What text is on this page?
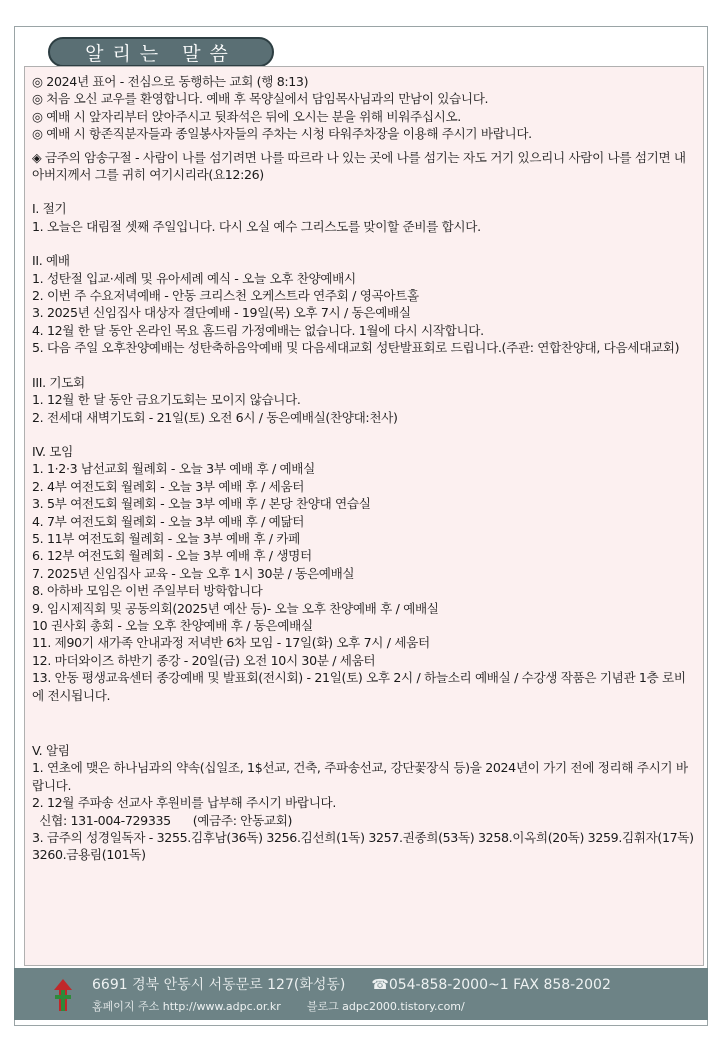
알리는 말씀
◎ 2024년 표어 - 전심으로 동행하는 교회 (행 8:13)
◎ 처음 오신 교우를 환영합니다. 예배 후 목양실에서 담임목사님과의 만남이 있습니다.
◎ 예배 시 앞자리부터 앉아주시고 뒷좌석은 뒤에 오시는 분을 위해 비워주십시오.
◎ 예배 시 항존직분자들과 종일봉사자들의 주차는 시청 타워주차장을 이용해 주시기 바랍니다.
◈ 금주의 암송구절 - 사람이 나를 섬기려면 나를 따르라 나 있는 곳에 나를 섬기는 자도 거기 있으리니 사람이 나를 섬기면 내 아버지께서 그를 귀히 여기시리라(요12:26)
I. 절기
1. 오늘은 대림절 셋째 주일입니다. 다시 오실 예수 그리스도를 맞이할 준비를 합시다.
II. 예배
1. 성탄절 입교·세례 및 유아세례 예식 - 오늘 오후 찬양예배시
2. 이번 주 수요저녁예배 - 안동 크리스천 오케스트라 연주회 / 영곡아트홀
3. 2025년 신임집사 대상자 결단예배 - 19일(목) 오후 7시 / 동은예배실
4. 12월 한 달 동안 온라인 목요 홈드림 가정예배는 없습니다. 1월에 다시 시작합니다.
5. 다음 주일 오후찬양예배는 성탄축하음악예배 및 다음세대교회 성탄발표회로 드립니다.(주관: 연합찬양대, 다음세대교회)
III. 기도회
1. 12월 한 달 동안 금요기도회는 모이지 않습니다.
2. 전세대 새벽기도회 - 21일(토) 오전 6시 / 동은예배실(찬양대:천사)
IV. 모임
1. 1·2·3 남선교회 월례회 - 오늘 3부 예배 후 / 예배실
2. 4부 여전도회 월례회 - 오늘 3부 예배 후 / 세움터
3. 5부 여전도회 월례회 - 오늘 3부 예배 후 / 본당 찬양대 연습실
4. 7부 여전도회 월례회 - 오늘 3부 예배 후 / 예닮터
5. 11부 여전도회 월례회 - 오늘 3부 예배 후 / 카페
6. 12부 여전도회 월례회 - 오늘 3부 예배 후 / 생명터
7. 2025년 신임집사 교육 - 오늘 오후 1시 30분 / 동은예배실
8. 아하바 모임은 이번 주일부터 방학합니다
9. 임시제직회 및 공동의회(2025년 예산 등)- 오늘 오후 찬양예배 후 / 예배실
10 권사회 총회 - 오늘 오후 찬양예배 후 / 동은예배실
11. 제90기 새가족 안내과정 저녁반 6차 모임 - 17일(화) 오후 7시 / 세움터
12. 마더와이즈 하반기 종강 - 20일(금) 오전 10시 30분 / 세움터
13. 안동 평생교육센터 종강예배 및 발표회(전시회) - 21일(토) 오후 2시 / 하늘소리 예배실 / 수강생 작품은 기념관 1층 로비에 전시됩니다.
V. 알림
1. 연초에 맺은 하나님과의 약속(십일조, 1$선교, 건축, 주파송선교, 강단꽃장식 등)을 2024년이 가기 전에 정리해 주시기 바랍니다.
2. 12월 주파송 선교사 후원비를 납부해 주시기 바랍니다.
신협: 131-004-729335      (예금주: 안동교회)
3. 금주의 성경일독자 - 3255.김후남(36독) 3256.김선희(1독) 3257.권종희(53독) 3258.이옥희(20독) 3259.김휘자(17독) 3260.금용림(101독)
6691 경북 안동시 서동문로 127(화성동) ☎054-858-2000~1 FAX 858-2002
홈페이지 주소 http://www.adpc.or.kr 블로그 adpc2000.tistory.com/
